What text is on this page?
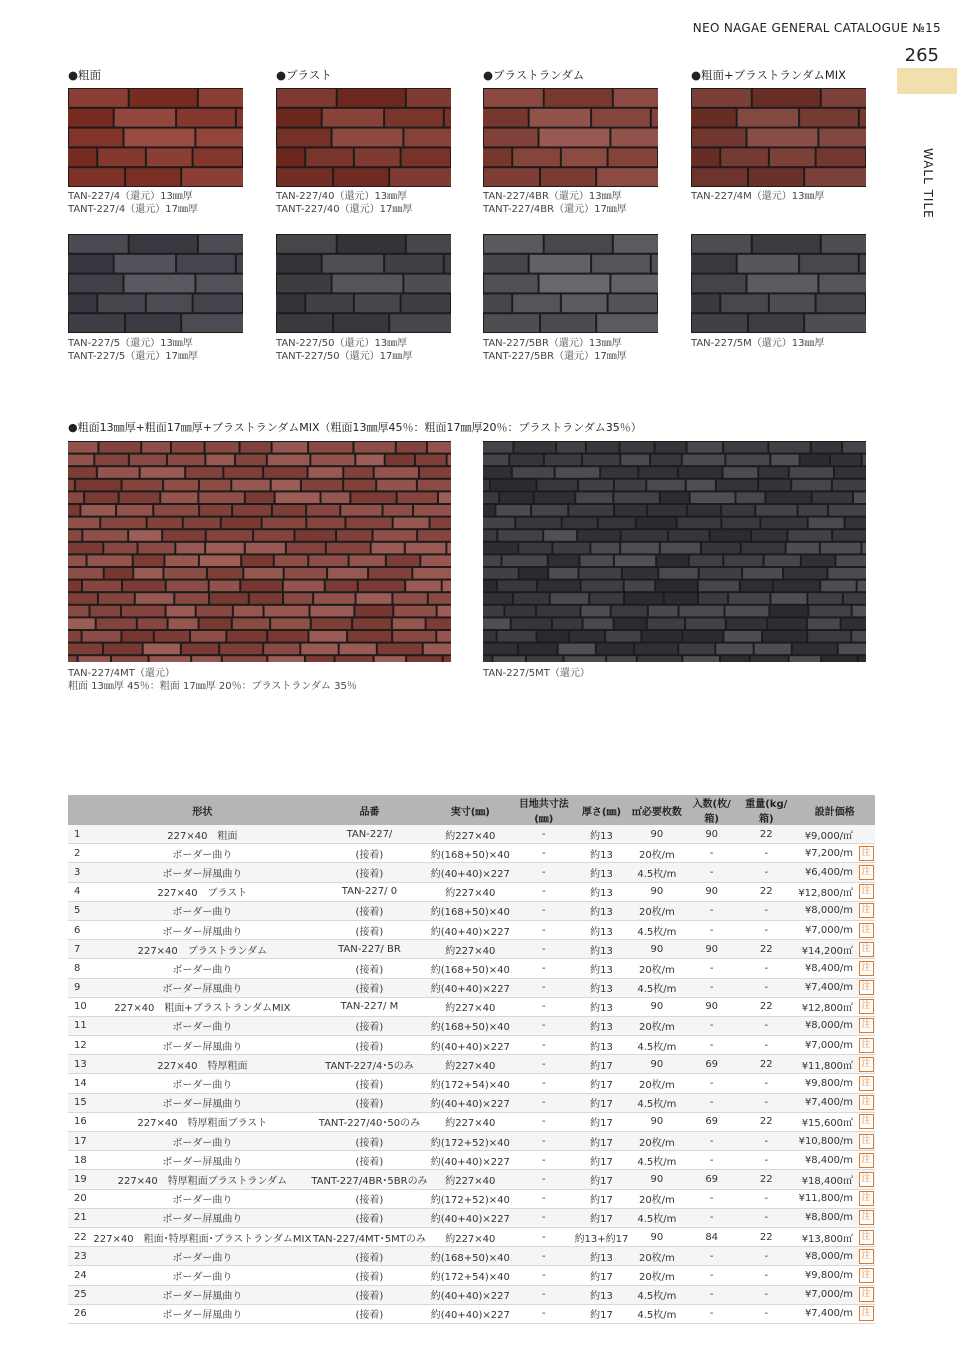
NEO NAGAE GENERAL CATALOGUE №15
265
WALL TILE
●粗面	●ブラスト	●ブラストランダム	●粗面+ブラストランダムMIX
TAN-227/4（還元）13㎜厚
TANT-227/4（還元）17㎜厚
TAN-227/40（還元）13㎜厚
TANT-227/40（還元）17㎜厚
TAN-227/4BR（還元）13㎜厚
TANT-227/4BR（還元）17㎜厚
TAN-227/4M（還元）13㎜厚
TAN-227/5（還元）13㎜厚
TANT-227/5（還元）17㎜厚
TAN-227/50（還元）13㎜厚
TANT-227/50（還元）17㎜厚
TAN-227/5BR（還元）13㎜厚
TANT-227/5BR（還元）17㎜厚
TAN-227/5M（還元）13㎜厚
●粗面13㎜厚+粗面17㎜厚+ブラストランダムMIX（粗面13㎜厚45％：粗面17㎜厚20％：ブラストランダム35％）
TAN-227/4MT（還元）
粗面 13㎜厚 45％：粗面 17㎜厚 20％：ブラストランダム 35％
TAN-227/5MT（還元）
	形状	品番	実寸(㎜)	目地共寸法(㎜)	厚さ(㎜)	㎡必要枚数	入数(枚/箱)	重量(kg/箱)	設計価格	
1	227×40　粗面	TAN-227/	約227×40	-	約13	90	90	22	¥9,000/㎡	
2	ボーダー曲り	(接着)	約(168+50)×40	-	約13	20枚/m	-	-	¥7,200/m	注
3	ボーダー屏風曲り	(接着)	約(40+40)×227	-	約13	4.5枚/m	-	-	¥6,400/m	注
4	227×40　ブラスト	TAN-227/ 0	約227×40	-	約13	90	90	22	¥12,800/㎡	注
5	ボーダー曲り	(接着)	約(168+50)×40	-	約13	20枚/m	-	-	¥8,000/m	注
6	ボーダー屏風曲り	(接着)	約(40+40)×227	-	約13	4.5枚/m	-	-	¥7,000/m	注
7	227×40　ブラストランダム	TAN-227/ BR	約227×40	-	約13	90	90	22	¥14,200㎡	注
8	ボーダー曲り	(接着)	約(168+50)×40	-	約13	20枚/m	-	-	¥8,400/m	注
9	ボーダー屏風曲り	(接着)	約(40+40)×227	-	約13	4.5枚/m	-	-	¥7,400/m	注
10	227×40　粗面+ブラストランダムMIX	TAN-227/ M	約227×40	-	約13	90	90	22	¥12,800㎡	注
11	ボーダー曲り	(接着)	約(168+50)×40	-	約13	20枚/m	-	-	¥8,000/m	注
12	ボーダー屏風曲り	(接着)	約(40+40)×227	-	約13	4.5枚/m	-	-	¥7,000/m	注
13	227×40　特厚粗面	TANT-227/4･5のみ	約227×40	-	約17	90	69	22	¥11,800㎡	注
14	ボーダー曲り	(接着)	約(172+54)×40	-	約17	20枚/m	-	-	¥9,800/m	注
15	ボーダー屏風曲り	(接着)	約(40+40)×227	-	約17	4.5枚/m	-	-	¥7,400/m	注
16	227×40　特厚粗面ブラスト	TANT-227/40･50のみ	約227×40	-	約17	90	69	22	¥15,600㎡	注
17	ボーダー曲り	(接着)	約(172+52)×40	-	約17	20枚/m	-	-	¥10,800/m	注
18	ボーダー屏風曲り	(接着)	約(40+40)×227	-	約17	4.5枚/m	-	-	¥8,400/m	注
19	227×40　特厚粗面ブラストランダム	TANT-227/4BR･5BRのみ	約227×40	-	約17	90	69	22	¥18,400㎡	注
20	ボーダー曲り	(接着)	約(172+52)×40	-	約17	20枚/m	-	-	¥11,800/m	注
21	ボーダー屏風曲り	(接着)	約(40+40)×227	-	約17	4.5枚/m	-	-	¥8,800/m	注
22	227×40　粗面･特厚粗面･ブラストランダムMIX	TAN-227/4MT･5MTのみ	約227×40	-	約13+約17	90	84	22	¥13,800㎡	注
23	ボーダー曲り	(接着)	約(168+50)×40	-	約13	20枚/m	-	-	¥8,000/m	注
24	ボーダー曲り	(接着)	約(172+54)×40	-	約17	20枚/m	-	-	¥9,800/m	注
25	ボーダー屏風曲り	(接着)	約(40+40)×227	-	約13	4.5枚/m	-	-	¥7,000/m	注
26	ボーダー屏風曲り	(接着)	約(40+40)×227	-	約17	4.5枚/m	-	-	¥7,400/m	注
